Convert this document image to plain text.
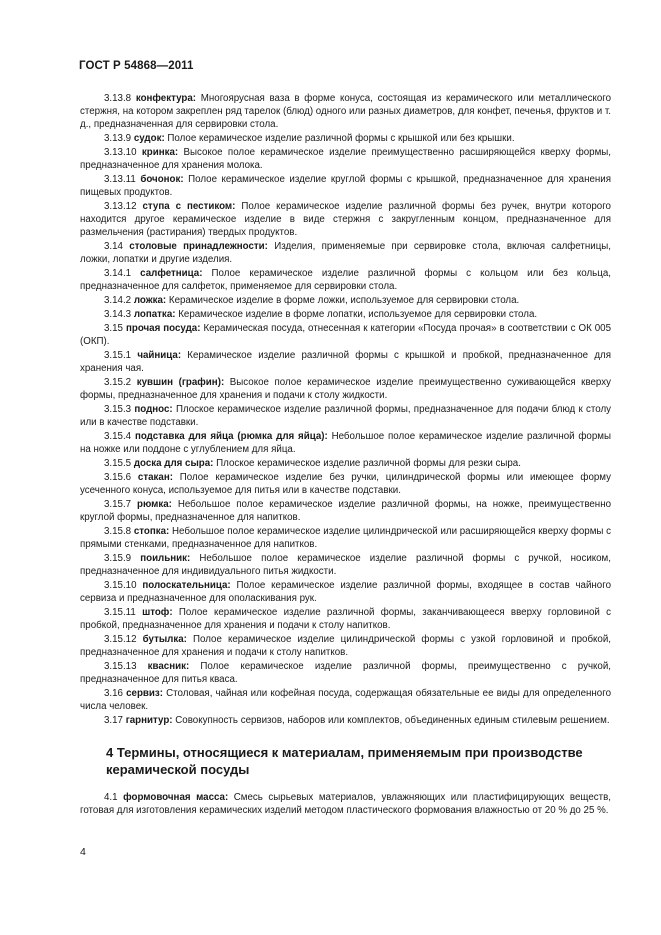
ГОСТ Р 54868—2011

3.13.8 конфектура: Многоярусная ваза в форме конуса, состоящая из керамического или металлического стержня, на котором закреплен ряд тарелок (блюд) одного или разных диаметров, для конфет, печенья, фруктов и т. д., предназначенная для сервировки стола.

3.13.9 судок: Полое керамическое изделие различной формы с крышкой или без крышки.

3.13.10 кринка: Высокое полое керамическое изделие преимущественно расширяющейся кверху формы, предназначенное для хранения молока.

3.13.11 бочонок: Полое керамическое изделие круглой формы с крышкой, предназначенное для хранения пищевых продуктов.

3.13.12 ступа с пестиком: Полое керамическое изделие различной формы без ручек, внутри которого находится другое керамическое изделие в виде стержня с закругленным концом, предназначенное для размельчения (растирания) твердых продуктов.

3.14 столовые принадлежности: Изделия, применяемые при сервировке стола, включая салфетницы, ложки, лопатки и другие изделия.

3.14.1 салфетница: Полое керамическое изделие различной формы с кольцом или без кольца, предназначенное для салфеток, применяемое для сервировки стола.

3.14.2 ложка: Керамическое изделие в форме ложки, используемое для сервировки стола.

3.14.3 лопатка: Керамическое изделие в форме лопатки, используемое для сервировки стола.

3.15 прочая посуда: Керамическая посуда, отнесенная к категории «Посуда прочая» в соответствии с ОК 005 (ОКП).

3.15.1 чайница: Керамическое изделие различной формы с крышкой и пробкой, предназначенное для хранения чая.

3.15.2 кувшин (графин): Высокое полое керамическое изделие преимущественно суживающейся кверху формы, предназначенное для хранения и подачи к столу жидкости.

3.15.3 поднос: Плоское керамическое изделие различной формы, предназначенное для подачи блюд к столу или в качестве подставки.

3.15.4 подставка для яйца (рюмка для яйца): Небольшое полое керамическое изделие различной формы на ножке или поддоне с углублением для яйца.

3.15.5 доска для сыра: Плоское керамическое изделие различной формы для резки сыра.

3.15.6 стакан: Полое керамическое изделие без ручки, цилиндрической формы или имеющее форму усеченного конуса, используемое для питья или в качестве подставки.

3.15.7 рюмка: Небольшое полое керамическое изделие различной формы, на ножке, преимущественно круглой формы, предназначенное для напитков.

3.15.8 стопка: Небольшое полое керамическое изделие цилиндрической или расширяющейся кверху формы с прямыми стенками, предназначенное для напитков.

3.15.9 поильник: Небольшое полое керамическое изделие различной формы с ручкой, носиком, предназначенное для индивидуального питья жидкости.

3.15.10 полоскательница: Полое керамическое изделие различной формы, входящее в состав чайного сервиза и предназначенное для ополаскивания рук.

3.15.11 штоф: Полое керамическое изделие различной формы, заканчивающееся вверху горловиной с пробкой, предназначенное для хранения и подачи к столу напитков.

3.15.12 бутылка: Полое керамическое изделие цилиндрической формы с узкой горловиной и пробкой, предназначенное для хранения и подачи к столу напитков.

3.15.13 квасник: Полое керамическое изделие различной формы, преимущественно с ручкой, предназначенное для питья кваса.

3.16 сервиз: Столовая, чайная или кофейная посуда, содержащая обязательные ее виды для определенного числа человек.

3.17 гарнитур: Совокупность сервизов, наборов или комплектов, объединенных единым стилевым решением.

4 Термины, относящиеся к материалам, применяемым при производстве керамической посуды

4.1 формовочная масса: Смесь сырьевых материалов, увлажняющих или пластифицирующих веществ, готовая для изготовления керамических изделий методом пластического формования влажностью от 20 % до 25 %.

4
